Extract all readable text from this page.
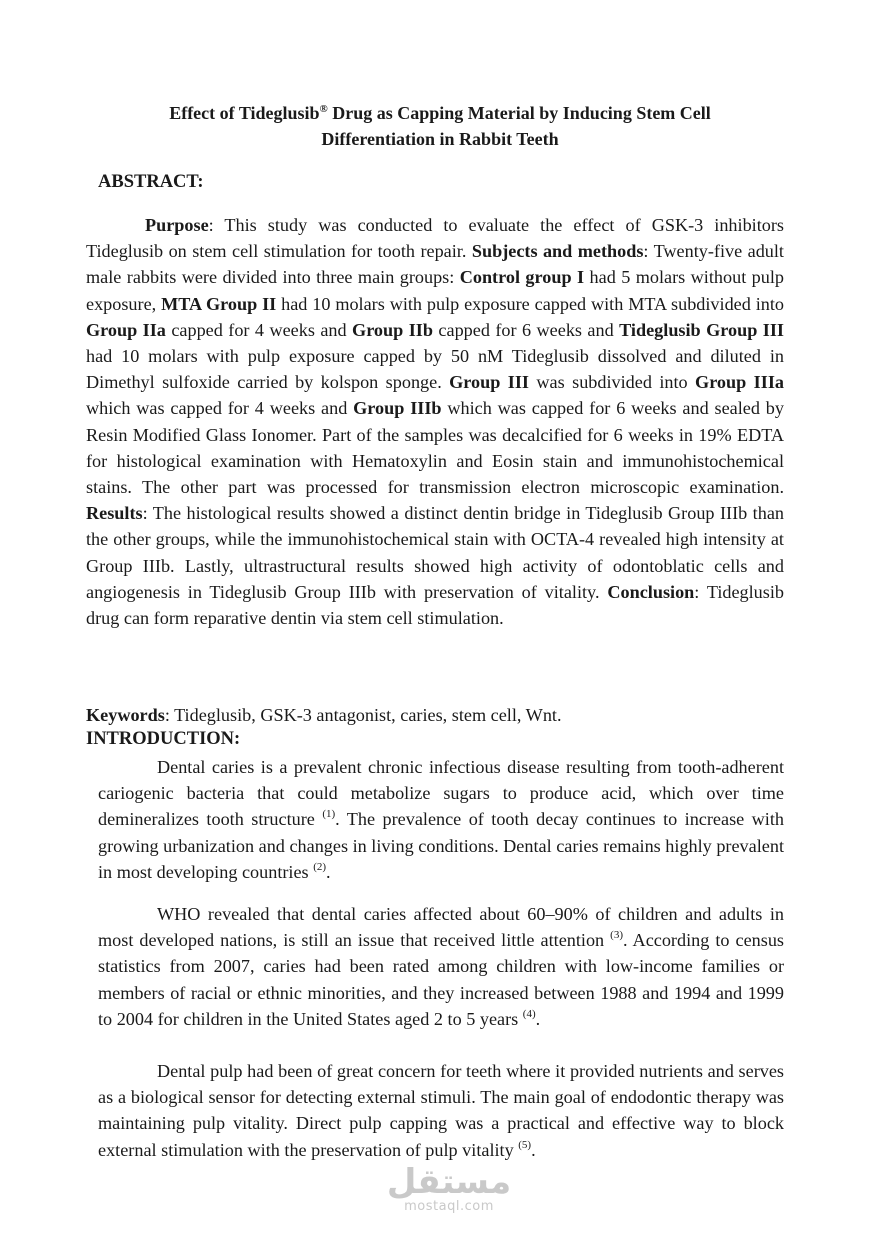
Effect of Tideglusib® Drug as Capping Material by Inducing Stem Cell
Differentiation in Rabbit Teeth
ABSTRACT:

Purpose: This study was conducted to evaluate the effect of GSK-3 inhibitors Tideglusib on stem cell stimulation for tooth repair. Subjects and methods: Twenty-five adult male rabbits were divided into three main groups: Control group I had 5 molars without pulp exposure, MTA Group II had 10 molars with pulp exposure capped with MTA subdivided into Group IIa capped for 4 weeks and Group IIb capped for 6 weeks and Tideglusib Group III had 10 molars with pulp exposure capped by 50 nM Tideglusib dissolved and diluted in Dimethyl sulfoxide carried by kolspon sponge. Group III was subdivided into Group IIIa which was capped for 4 weeks and Group IIIb which was capped for 6 weeks and sealed by Resin Modified Glass Ionomer. Part of the samples was decalcified for 6 weeks in 19% EDTA for histological examination with Hematoxylin and Eosin stain and immunohistochemical stains. The other part was processed for transmission electron microscopic examination. Results: The histological results showed a distinct dentin bridge in Tideglusib Group IIIb than the other groups, while the immunohistochemical stain with OCTA-4 revealed high intensity at Group IIIb. Lastly, ultrastructural results showed high activity of odontoblatic cells and angiogenesis in Tideglusib Group IIIb with preservation of vitality. Conclusion: Tideglusib drug can form reparative dentin via stem cell stimulation.

Keywords: Tideglusib, GSK-3 antagonist, caries, stem cell, Wnt.

INTRODUCTION:

Dental caries is a prevalent chronic infectious disease resulting from tooth-adherent cariogenic bacteria that could metabolize sugars to produce acid, which over time demineralizes tooth structure $^{(1)}$. The prevalence of tooth decay continues to increase with growing urbanization and changes in living conditions. Dental caries remains highly prevalent in most developing countries $^{(2)}$.

WHO revealed that dental caries affected about 60–90% of children and adults in most developed nations, is still an issue that received little attention $^{(3)}$. According to census statistics from 2007, caries had been rated among children with low-income families or members of racial or ethnic minorities, and they increased between 1988 and 1994 and 1999 to 2004 for children in the United States aged 2 to 5 years $^{(4)}$.

Dental pulp had been of great concern for teeth where it provided nutrients and serves as a biological sensor for detecting external stimuli. The main goal of endodontic therapy was maintaining pulp vitality. Direct pulp capping was a practical and effective way to block external stimulation with the preservation of pulp vitality $^{(5)}$.

مستقل
mostaql.com
